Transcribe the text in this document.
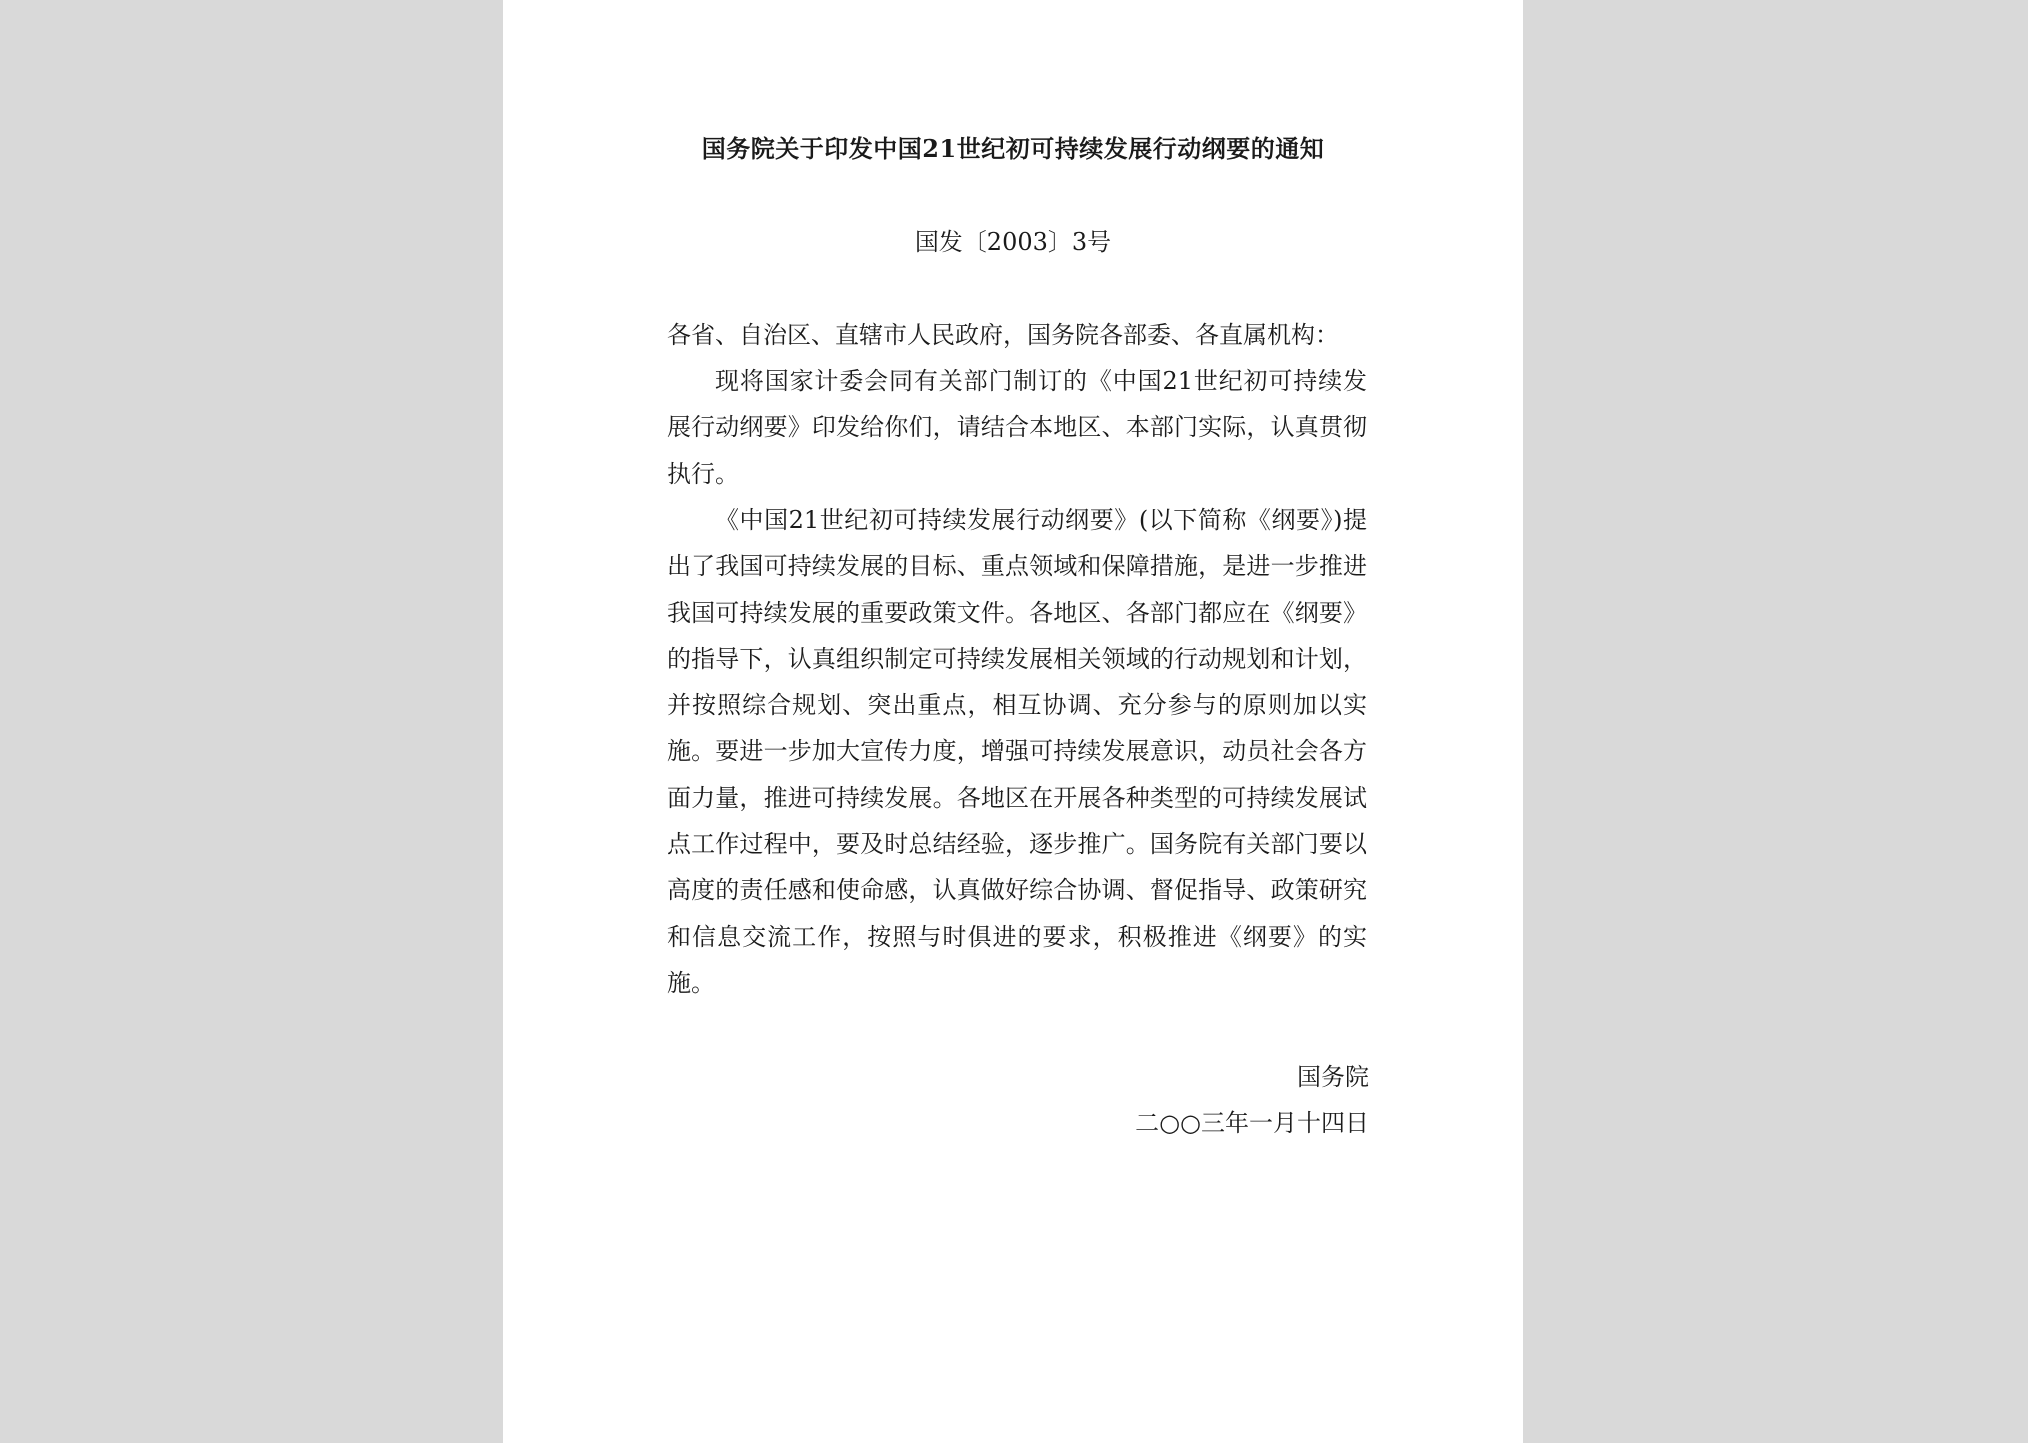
国务院关于印发中国21世纪初可持续发展行动纲要的通知
国发〔2003〕3号
各省、自治区、直辖市人民政府，国务院各部委、各直属机构：
现将国家计委会同有关部门制订的《中国21世纪初可持续发展行动纲要》印发给你们，请结合本地区、本部门实际，认真贯彻执行。
《中国21世纪初可持续发展行动纲要》(以下简称《纲要》)提出了我国可持续发展的目标、重点领域和保障措施，是进一步推进我国可持续发展的重要政策文件。各地区、各部门都应在《纲要》的指导下，认真组织制定可持续发展相关领域的行动规划和计划，并按照综合规划、突出重点，相互协调、充分参与的原则加以实施。要进一步加大宣传力度，增强可持续发展意识，动员社会各方面力量，推进可持续发展。各地区在开展各种类型的可持续发展试点工作过程中，要及时总结经验，逐步推广。国务院有关部门要以高度的责任感和使命感，认真做好综合协调、督促指导、政策研究和信息交流工作，按照与时俱进的要求，积极推进《纲要》的实施。
国务院
二○○三年一月十四日
